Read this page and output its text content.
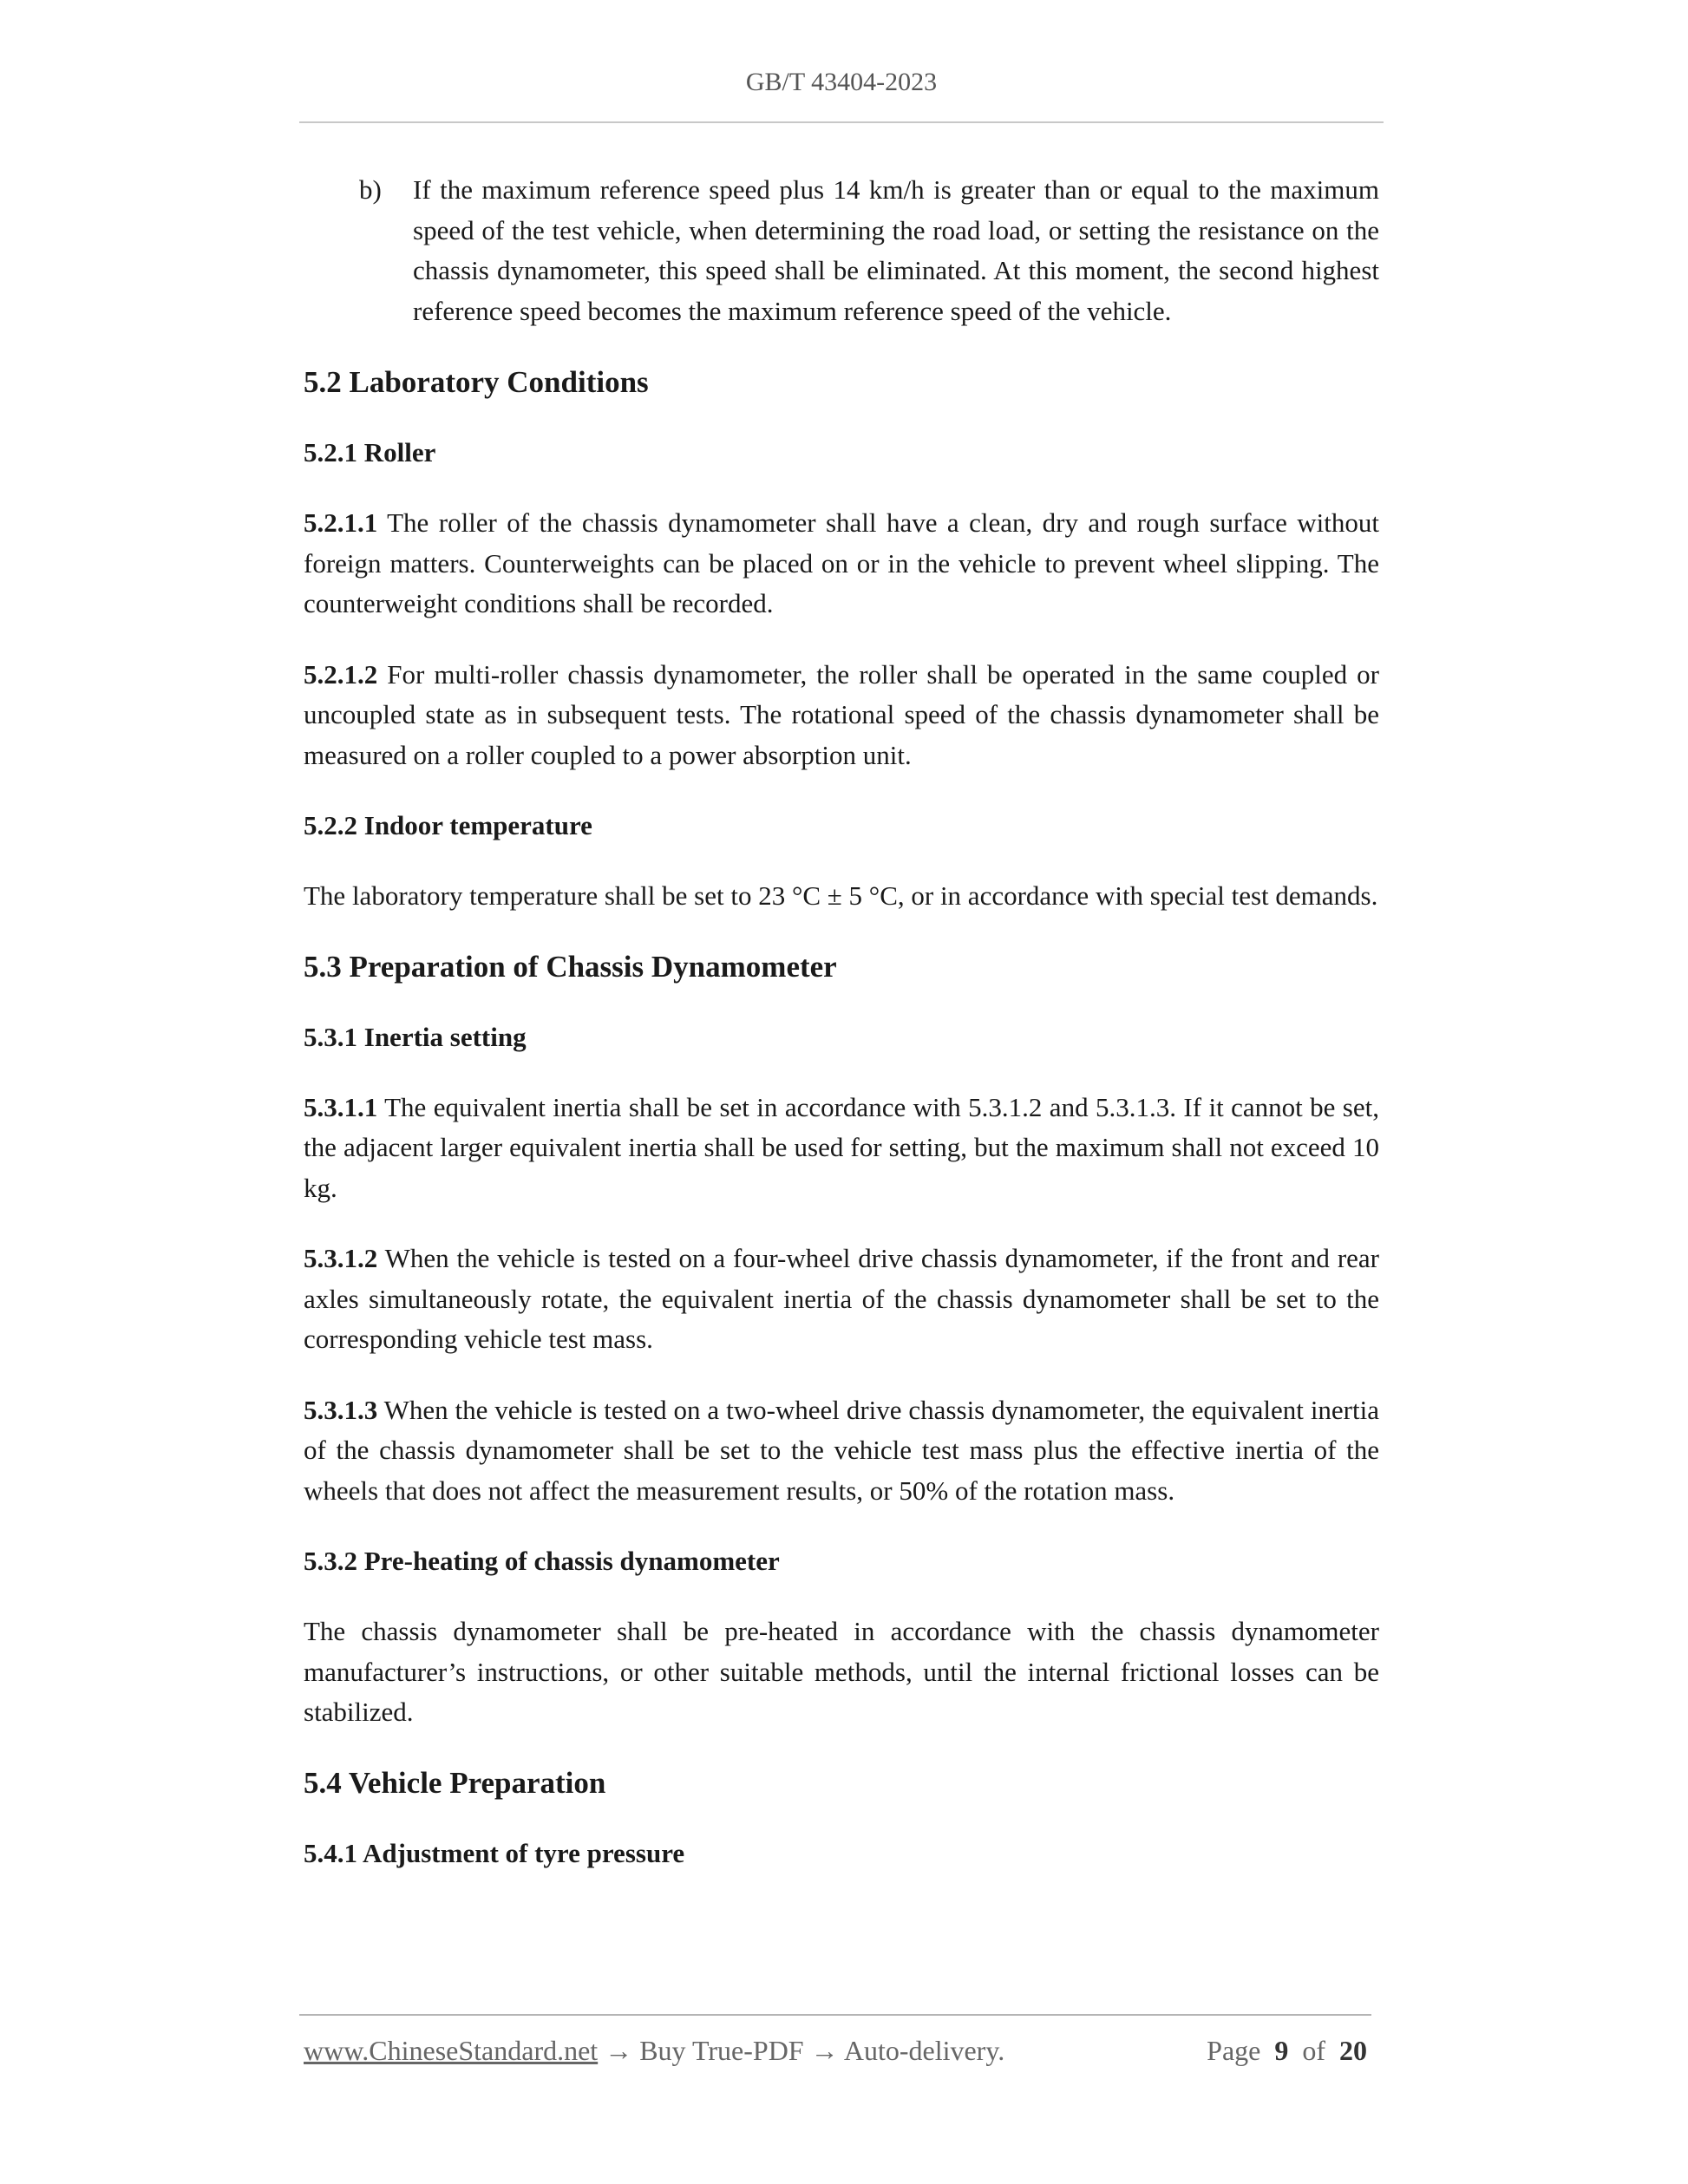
GB/T 43404-2023
b)	If the maximum reference speed plus 14 km/h is greater than or equal to the maximum speed of the test vehicle, when determining the road load, or setting the resistance on the chassis dynamometer, this speed shall be eliminated. At this moment, the second highest reference speed becomes the maximum reference speed of the vehicle.
5.2 Laboratory Conditions
5.2.1 Roller

5.2.1.1 The roller of the chassis dynamometer shall have a clean, dry and rough surface without foreign matters. Counterweights can be placed on or in the vehicle to prevent wheel slipping. The counterweight conditions shall be recorded.

5.2.1.2 For multi-roller chassis dynamometer, the roller shall be operated in the same coupled or uncoupled state as in subsequent tests. The rotational speed of the chassis dynamometer shall be measured on a roller coupled to a power absorption unit.

5.2.2 Indoor temperature

The laboratory temperature shall be set to 23 °C ± 5 °C, or in accordance with special test demands.

5.3 Preparation of Chassis Dynamometer
5.3.1 Inertia setting

5.3.1.1 The equivalent inertia shall be set in accordance with 5.3.1.2 and 5.3.1.3. If it cannot be set, the adjacent larger equivalent inertia shall be used for setting, but the maximum shall not exceed 10 kg.

5.3.1.2 When the vehicle is tested on a four-wheel drive chassis dynamometer, if the front and rear axles simultaneously rotate, the equivalent inertia of the chassis dynamometer shall be set to the corresponding vehicle test mass.

5.3.1.3 When the vehicle is tested on a two-wheel drive chassis dynamometer, the equivalent inertia of the chassis dynamometer shall be set to the vehicle test mass plus the effective inertia of the wheels that does not affect the measurement results, or 50% of the rotation mass.

5.3.2 Pre-heating of chassis dynamometer

The chassis dynamometer shall be pre-heated in accordance with the chassis dynamometer manufacturer’s instructions, or other suitable methods, until the internal frictional losses can be stabilized.

5.4 Vehicle Preparation
5.4.1 Adjustment of tyre pressure
www.ChineseStandard.net → Buy True-PDF → Auto-delivery.	Page 9 of 20
